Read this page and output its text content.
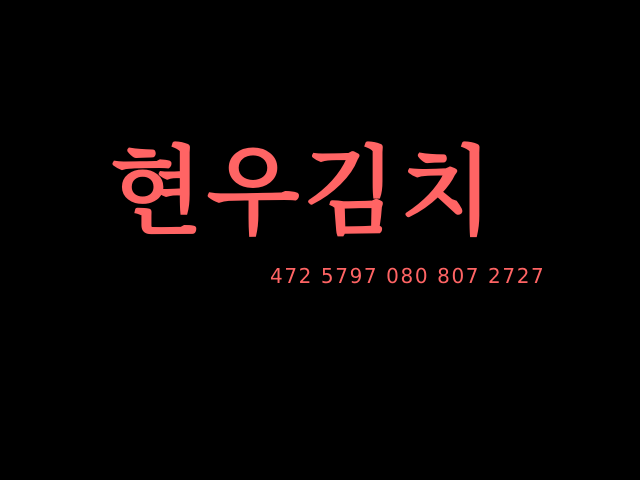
현우김치
472 5797 080 807 2727
